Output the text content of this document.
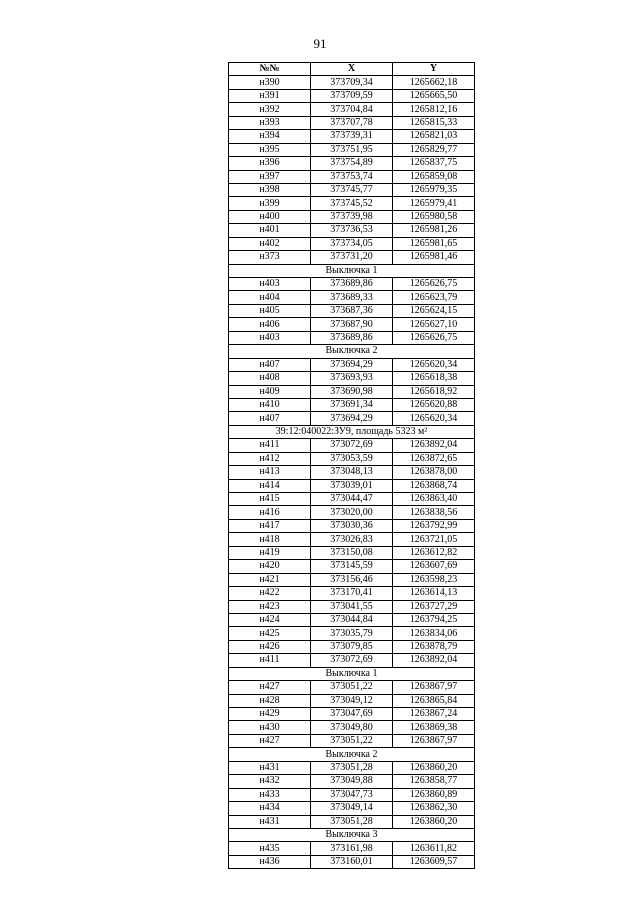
91
№№	X	Y
н390	373709,34	1265662,18
н391	373709,59	1265665,50
н392	373704,84	1265812,16
н393	373707,78	1265815,33
н394	373739,31	1265821,03
н395	373751,95	1265829,77
н396	373754,89	1265837,75
н397	373753,74	1265859,08
н398	373745,77	1265979,35
н399	373745,52	1265979,41
н400	373739,98	1265980,58
н401	373736,53	1265981,26
н402	373734,05	1265981,65
н373	373731,20	1265981,46
Выключка 1		
н403	373689,86	1265626,75
н404	373689,33	1265623,79
н405	373687,36	1265624,15
н406	373687,90	1265627,10
н403	373689,86	1265626,75
Выключка 2		
н407	373694,29	1265620,34
н408	373693,93	1265618,38
н409	373690,98	1265618,92
н410	373691,34	1265620,88
н407	373694,29	1265620,34
39:12:040022:ЗУ9, площадь 5323 м²		
н411	373072,69	1263892,04
н412	373053,59	1263872,65
н413	373048,13	1263878,00
н414	373039,01	1263868,74
н415	373044,47	1263863,40
н416	373020,00	1263838,56
н417	373030,36	1263792,99
н418	373026,83	1263721,05
н419	373150,08	1263612,82
н420	373145,59	1263607,69
н421	373156,46	1263598,23
н422	373170,41	1263614,13
н423	373041,55	1263727,29
н424	373044,84	1263794,25
н425	373035,79	1263834,06
н426	373079,85	1263878,79
н411	373072,69	1263892,04
Выключка 1		
н427	373051,22	1263867,97
н428	373049,12	1263865,84
н429	373047,69	1263867,24
н430	373049,80	1263869,38
н427	373051,22	1263867,97
Выключка 2		
н431	373051,28	1263860,20
н432	373049,88	1263858,77
н433	373047,73	1263860,89
н434	373049,14	1263862,30
н431	373051,28	1263860,20
Выключка 3		
н435	373161,98	1263611,82
н436	373160,01	1263609,57
